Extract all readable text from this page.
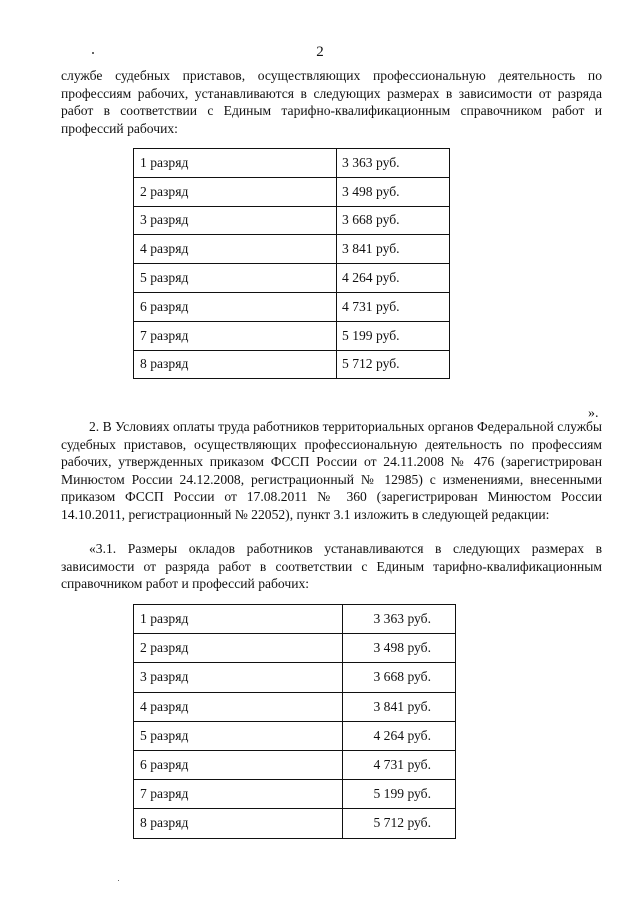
2

службе судебных приставов, осуществляющих профессиональную деятельность по профессиям рабочих, устанавливаются в следующих размерах в зависимости от разряда работ в соответствии с Единым тарифно-квалификационным справочником работ и профессий рабочих:

1 разряд	3 363 руб.
2 разряд	3 498 руб.
3 разряд	3 668 руб.
4 разряд	3 841 руб.
5 разряд	4 264 руб.
6 разряд	4 731 руб.
7 разряд	5 199 руб.
8 разряд	5 712 руб.
».

2. В Условиях оплаты труда работников территориальных органов Федеральной службы судебных приставов, осуществляющих профессиональную деятельность по профессиям рабочих, утвержденных приказом ФССП России от 24.11.2008 № 476 (зарегистрирован Минюстом России 24.12.2008, регистрационный № 12985) с изменениями, внесенными приказом ФССП России от 17.08.2011 № 360 (зарегистрирован Минюстом России 14.10.2011, регистрационный № 22052), пункт 3.1 изложить в следующей редакции:

«3.1. Размеры окладов работников устанавливаются в следующих размерах в зависимости от разряда работ в соответствии с Единым тарифно-квалификационным справочником работ и профессий рабочих:

1 разряд	3 363 руб.
2 разряд	3 498 руб.
3 разряд	3 668 руб.
4 разряд	3 841 руб.
5 разряд	4 264 руб.
6 разряд	4 731 руб.
7 разряд	5 199 руб.
8 разряд	5 712 руб.
